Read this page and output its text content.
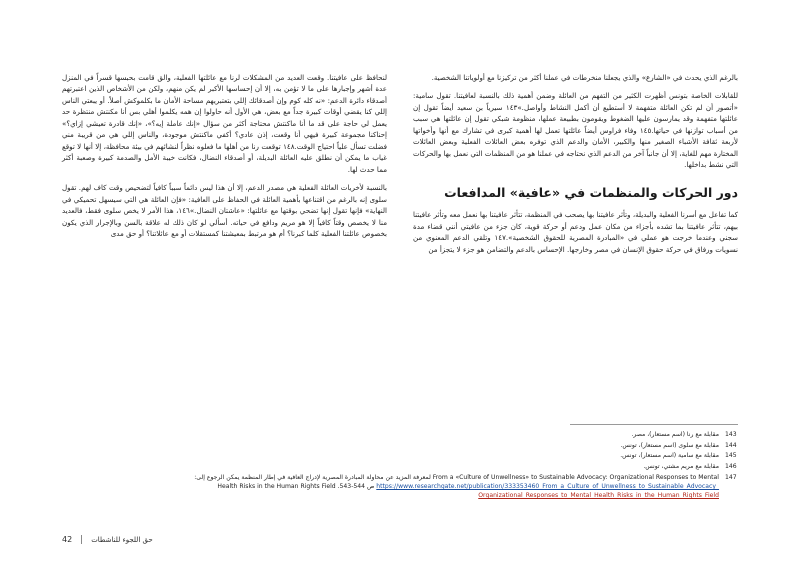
بالرغم الذي يحدث في «الشارع» والذي يجعلنا منخرطات في عملنا أكثر من تركيزنا مع أولوياتنا الشخصية.

للقابلات الخاصة بتونس أظهرت الكثير من التفهم من العائلة وضمن أهمية ذلك بالنسبة لعافيتنا. تقول سامية: «أتصور أن لم تكن العائلة متفهمة لا أستطيع أن أكمل النشاط وأواصل.»١٤٣ سيرياً بن سعيد أيضاً تقول إن عائلتها متفهمة وقد يمارسون عليها الضغوط ويقومون بطبيعة عملها، منظومة شبكي تقول إن عائلتها هي سبب من أسباب توازنها في حياتها.١٤٥ وفاء فراوس أيضاً عائلتها تعمل لها أهمية كبرى في تشارك مع أنها وأخواتها لأربعة ثقافة الأشباء الصغير منها والكبير، الأمان والدعم الذي توفره بعض العائلات الفعلية وبعض العائلات المختارة مهم للغاية، إلا أن جانباً آخر من الدعم الذي نحتاجه في عملنا هو من المنظمات التي نعمل بها والحركات التي نشط بداخلها.

دور الحركات والمنظمات في «عافية» المدافعات

كما تفاعل مع أسرنا الفعلية والبديلة، وتأثر عافيتنا بها يصحب في المنظمة، تتأثر عافيتنا بها نعمل معه وتأثر عافيتنا بيهم، تتأثر عافيتنا بما تشده بأجزاء من مكان عمل ودعم أو حركة قوية، كان جزء من عافيتي أنني قضاء مدة سجني وعندما خرجت هو عملي في «المبادرة المصرية للحقوق الشخصية».١٤٧ وتلقي الدعم المعنوي من نسويات ورفاق في حركة حقوق الإنسان في مصر وخارجها. الإحساس بالدعم والتضامن هو جزء لا يتجزأ من

لنحافظ على عافيتنا. وقعت العديد من المشكلات لرنا مع عائلتها الفعلية، والق قامت بحبسها قسراً في المنزل عدة أشهر وإجبارها على ما لا تؤمن به، إلا أن إحساسها الأكبر لم يكن منهم، ولكن من الأشخاص الذين اعتبرتهم أصدقاء دائرة الدعم: «نه كله كوم وإن أصدقائك إللي بتعتبريهم مساحة الأمان ما بكلموكش أصلاً. أو يبعتي الناس إللي كنا يقضي أوقات كبيرة جداً مع بعض، هي الأول أنه حاولوا إن همه يكلموا أهلي بس أنا مكنتش منتظرة حد يعمل لي حاجة على قد ما أنا ماكنتش محتاجة أكثر من سؤال «إنك عاملة إيه؟»، «إنك قادرة تعيشي إزاي؟» إحناكنا مجموعة كبيرة فيهي أنا وقعت، إذن عادي؟ أكفي ماكنتش موجودة، والناس إللي هي من قريبة مني فضلت تسأل علياً احتياج الوقت.١٤٨ توقعت رنا من أهلها ما فعلوه نظراً لنشائهم في بيئة محافظة، إلا أنها لا توقع غياب ما يمكن أن نطلق عليه العائلة البديلة، أو أصدقاء النضال، فكانت خيبة الأمل والصدمة كبيرة وصعبة أكثر مما حدث لها.

بالنسبة لأخريات العائلة الفعلية هي مصدر الدعم، إلا أن هذا ليس دائماً سبباً كافياً لتضحيص وقت كاف لهم. تقول سلوى إنه بالرغم من اقتناعها بأهمية العائلة في الحفاظ على العافية: «فإن العائلة هي التي سيسهل تحميكي في النهاية» فإنها تقول إنها تضحي بوقتها مع عائلتها: «عاشتان النضال.»١٤٦، هذا الأمر لا يخص سلوى فقط، فالعديد منا لا يخصص وقتاً كافياً إلا هو مريم ودافع في حياته. أسألي لو كان ذلك له علاقة بالسن وبالإجرار الذي يكون بخصوص عائلتنا الفعلية كلما كبرنا؟ أم هو مرتبط بمعيشتنا كمستقلات أو مع عائلاتنا؟ أو حق مدى

143
مقابلة مع رنا (اسم مستعار)، مصر.
144
مقابلة مع سلوى (اسم مستعار)، تونس.
145
مقابلة مع سامية (اسم مستعار)، تونس.
146
مقابلة مع مريم مشتي، تونس.
147
From a «Culture of Unwellness» to Sustainable Advocacy: Organizational Responses to Mental لمعرفة المزيد عن محاولة المبادرة المصرية لإدراج العافية في إطار المنظمة يمكن الرجوع إلى:
https://www.researchgate.net/publication/333353460_From_a_Culture_of_Unwellness_to_Sustainable_Advocacy_ ص 544-543. Health Risks in the Human Rights Field
Organizational_Responses_to_Mental_Health_Risks_in_the_Human_Rights_Field
42	حق اللجوء للناشطات
